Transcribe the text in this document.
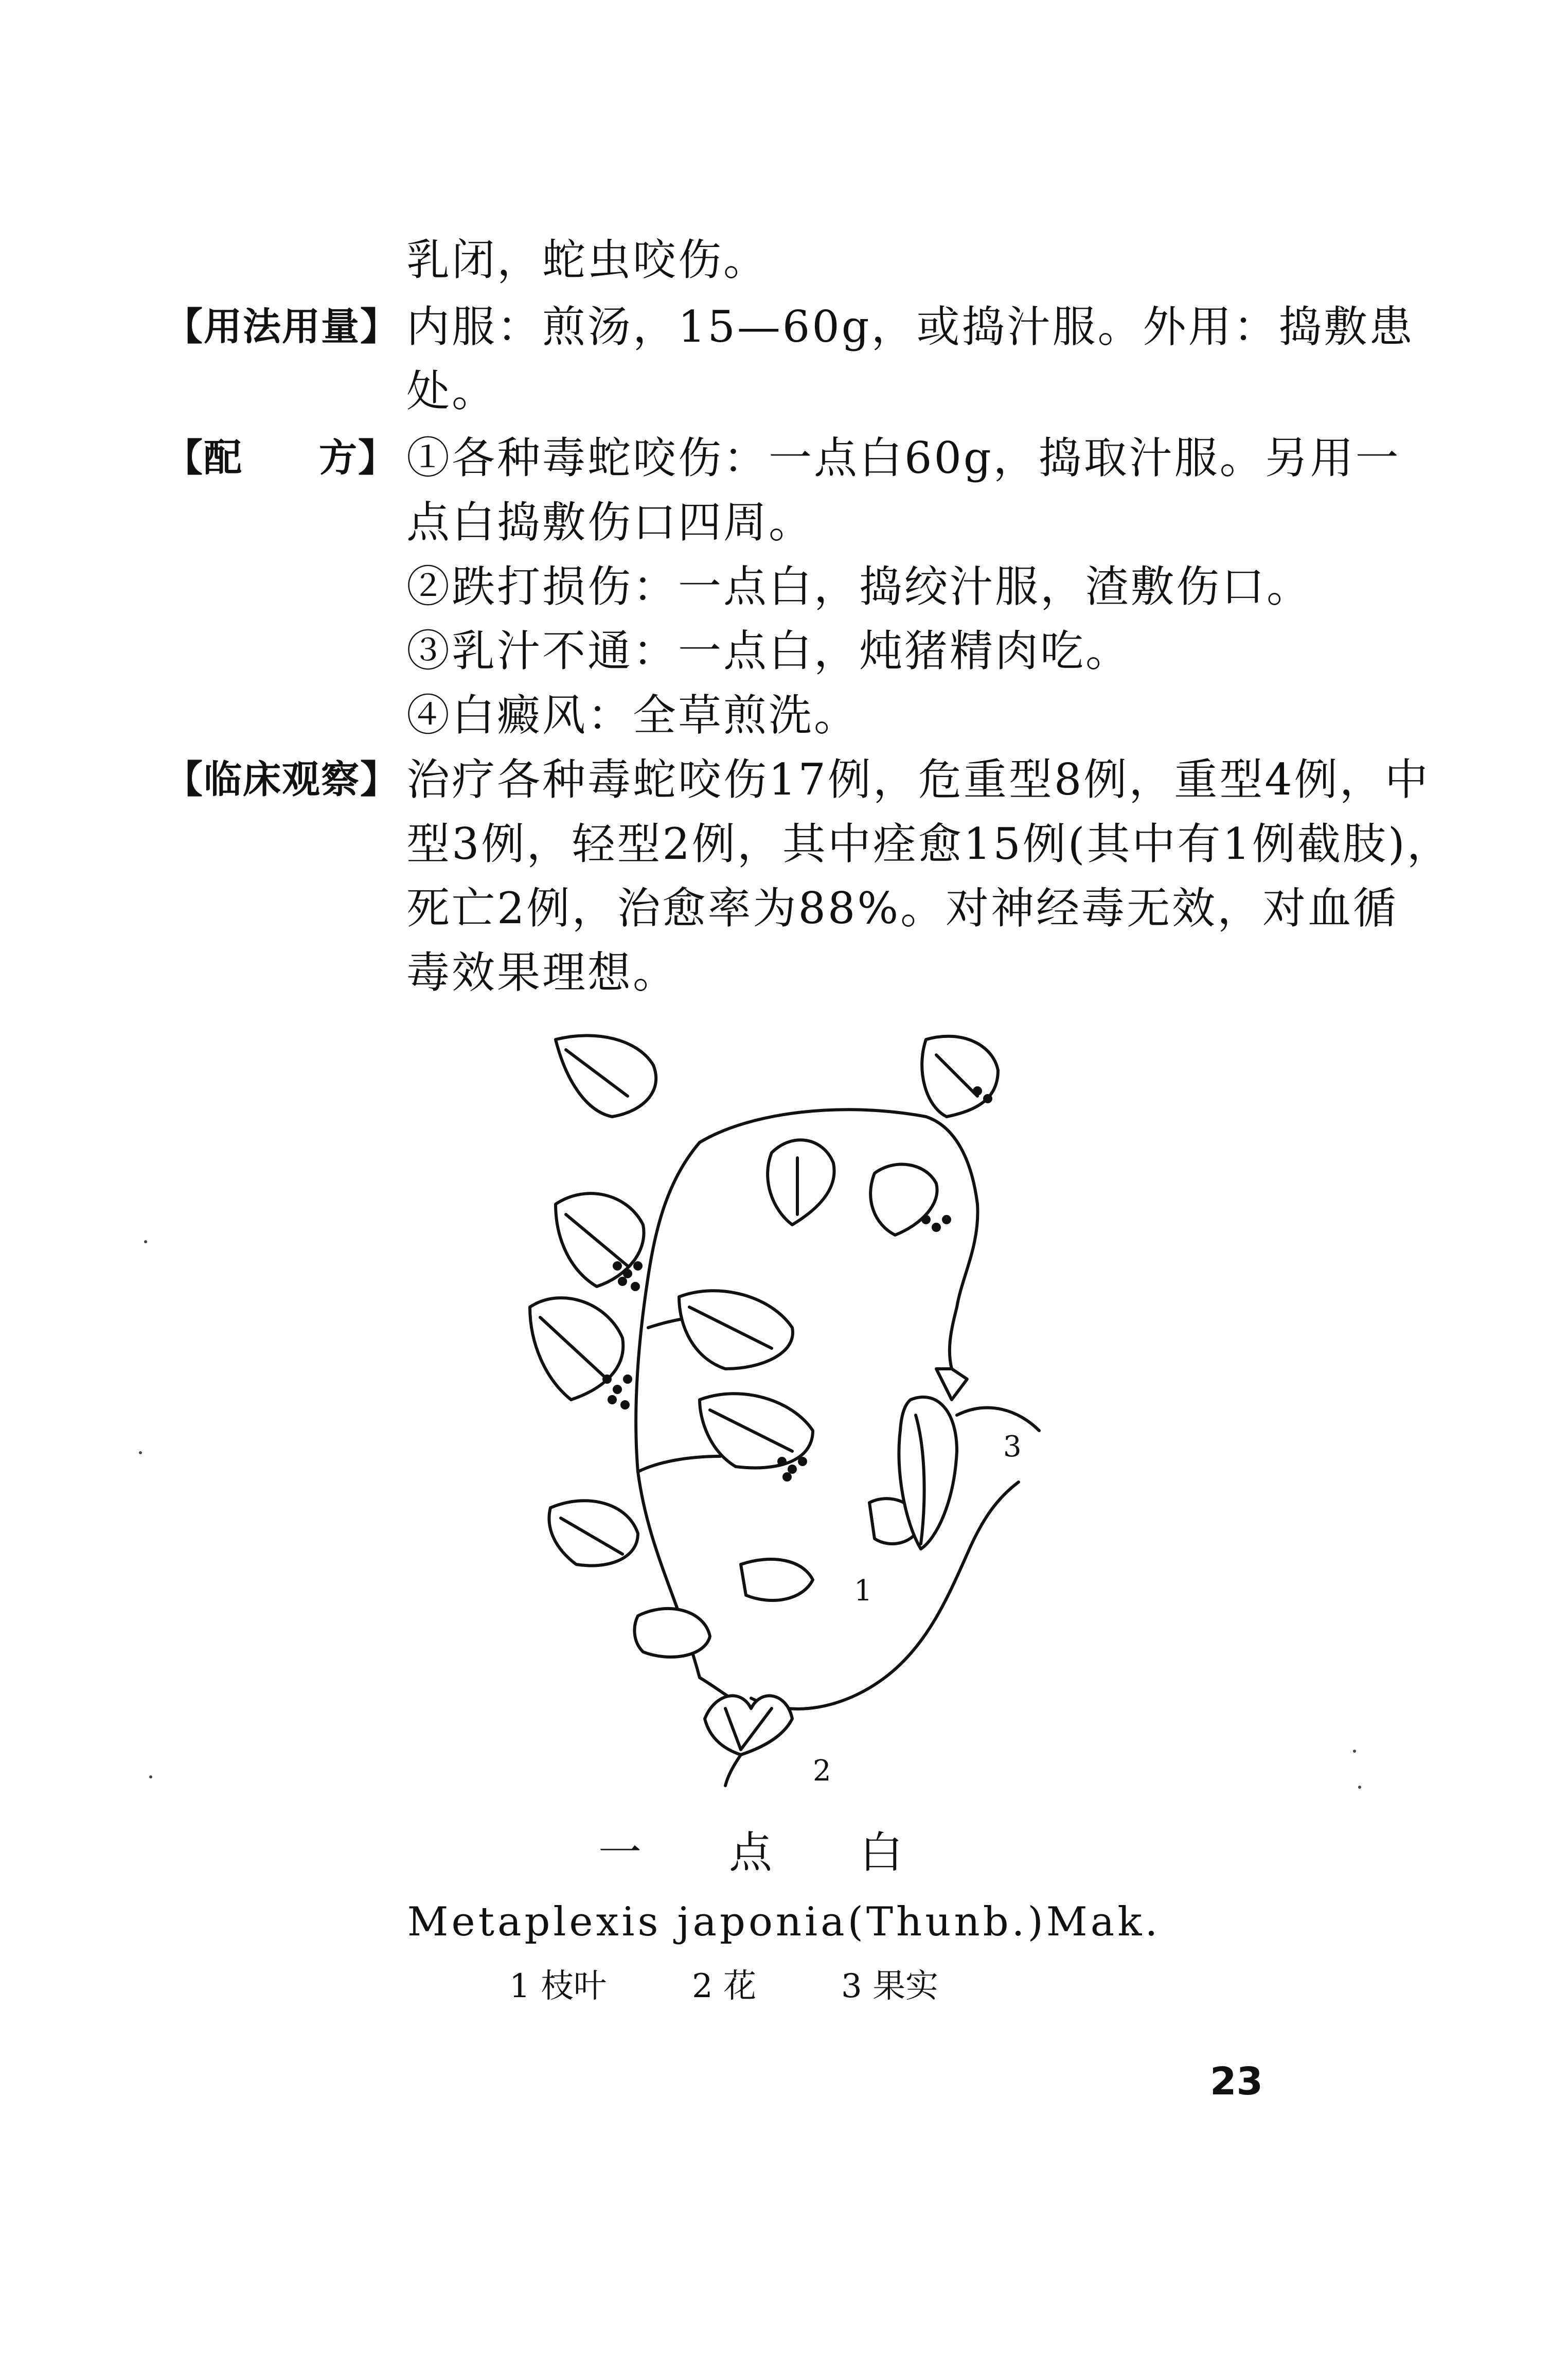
乳闭，蛇虫咬伤。
【用法用量】 内服：煎汤，15—60g，或捣汁服。外用：捣敷患
处。
【配 方】 ①各种毒蛇咬伤：一点白60g，捣取汁服。另用一
点白捣敷伤口四周。
②跌打损伤：一点白，捣绞汁服，渣敷伤口。
③乳汁不通：一点白，炖猪精肉吃。
④白癜风：全草煎洗。
【临床观察】 治疗各种毒蛇咬伤17例，危重型8例，重型4例，中
型3例，轻型2例，其中痊愈15例(其中有1例截肢)，
死亡2例，治愈率为88%。对神经毒无效，对血循
毒效果理想。
1
2
3
一点白
Metaplexis japonia(Thunb.)Mak.
1 枝叶	2 花	3 果实
23
